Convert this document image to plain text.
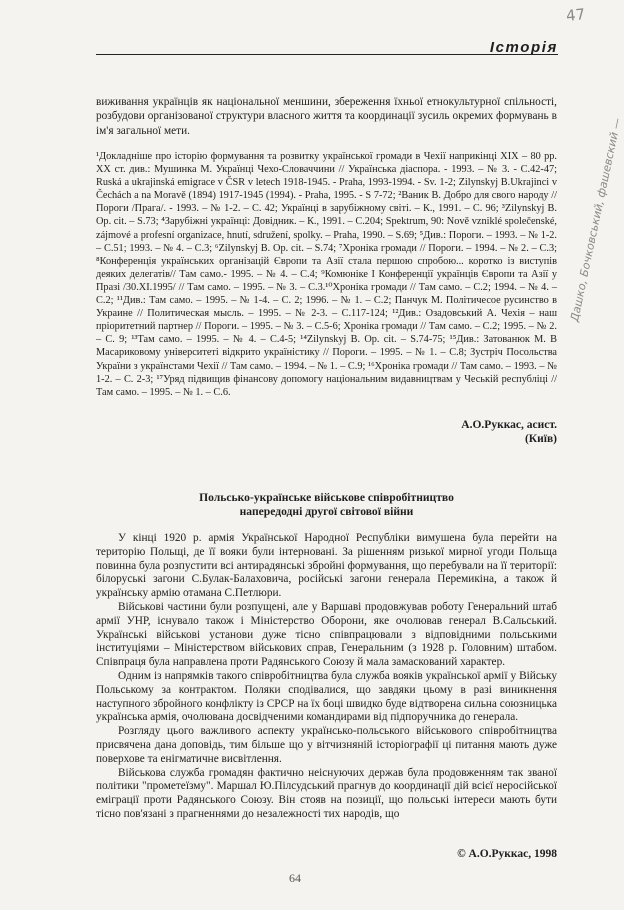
47
Історія

виживання українців як національної меншини, збереження їхньої етнокультурної спільності, розбудови організованої структури власного життя та координації зусиль окремих формувань в ім'я загальної мети.

¹Докладніше про історію формування та розвитку української громади в Чехії наприкінці XIX – 80 рр. XX ст. див.: Мушинка М. Українці Чехо-Словаччини // Українська діаспора. - 1993. – № 3. - С.42-47; Ruská a ukrajinská emigrace v ČSR v letech 1918-1945. - Praha, 1993-1994. - Sv. 1-2; Zilynskyj B.Ukrajinci v Čechách a na Moravě (1894) 1917-1945 (1994). - Praha, 1995. - S 7-72; ²Ваник В. Добро для свого народу // Пороги /Прага/. - 1993. – № 1-2. – С. 42; Українці в зарубіжному світі. – К., 1991. – С. 96; ³Zilynskyj B. Op. cit. – S.73; ⁴Зарубіжні українці: Довідник. – К., 1991. – С.204; Spektrum, 90: Nově vzniklé společenské, zájmové a profesní organizace, hnutí, sdružení, spolky. – Praha, 1990. – S.69; ⁵Див.: Пороги. – 1993. – № 1-2. – С.51; 1993. – № 4. – С.3; ⁶Zilynskyj B. Op. cit. – S.74; ⁷Хроніка громади // Пороги. – 1994. – № 2. – С.3; ⁸Конференція українських організацій Європи та Азії стала першою спробою... коротко із виступів деяких делегатів// Там само.- 1995. – № 4. – С.4; ⁹Комюніке I Конференції українців Європи та Азії у Празі /30.XI.1995/ // Там само. – 1995. – № 3. – С.3.¹⁰Хроніка громади // Там само. – С.2; 1994. – № 4. – С.2; ¹¹Див.: Там само. – 1995. – № 1-4. – С. 2; 1996. – № 1. – С.2; Панчук М. Політичесое русинство в Украине // Политическая мысль. – 1995. – № 2-3. – С.117-124; ¹²Див.: Озадовський А. Чехія – наш пріоритетний партнер // Пороги. – 1995. – № 3. – С.5-6; Хроніка громади // Там само. – С.2; 1995. – № 2. – С. 9; ¹³Там само. – 1995. – № 4. – С.4-5; ¹⁴Zilynskyj B. Op. cit. – S.74-75; ¹⁵Див.: Затованюк М. В Масариковому університеті відкрито україністику // Пороги. – 1995. – № 1. – С.8; Зустріч Посольства України з українстами Чехії // Там само. – 1994. – № 1. – С.9; ¹⁶Хроніка громади // Там само. – 1993. – № 1-2. – С. 2-3; ¹⁷Уряд підвищив фінансову допомогу національним видавництвам у Чеській республіці // Там само. – 1995. – № 1. – С.6.

А.О.Руккас, асист.
(Київ)
Польсько-українське військове співробітництво
напередодні другої світової війни

У кінці 1920 р. армія Української Народної Республіки вимушена була перейти на територію Польщі, де її вояки були інтерновані. За рішенням ризької мирної угоди Польща повинна була розпустити всі антирадянські збройні формування, що перебували на її території: білоруські загони С.Булак-Балаховича, російські загони генерала Перемикіна, а також й українську армію отамана С.Петлюри.

Військові частини були розпущені, але у Варшаві продовжував роботу Генеральний штаб армії УНР, існувало також і Міністерство Оборони, яке очолював генерал В.Сальський. Українські військові установи дуже тісно співпрацювали з відповідними польськими інституціями – Міністерством військових справ, Генеральним (з 1928 р. Головним) штабом. Співпраця була направлена проти Радянського Союзу й мала замаскований характер.

Одним із напрямків такого співробітництва була служба вояків української армії у Війську Польському за контрактом. Поляки сподівалися, що завдяки цьому в разі виникнення наступного збройного конфлікту із СРСР на їх боці швидко буде відтворена сильна союзницька українська армія, очолювана досвідченими командирами від підпоручника до генерала.

Розгляду цього важливого аспекту українсько-польського військового співробітництва присвячена дана доповідь, тим більше що у вітчизняній історіографії ці питання мають дуже поверхове та енігматичне висвітлення.

Військова служба громадян фактично неіснуючих держав була продовженням так званої політики "прометеїзму". Маршал Ю.Пілсудський прагнув до координації дій всієї неросійської еміграції проти Радянського Союзу. Він стояв на позиції, що польські інтереси мають бути тісно пов'язані з прагненнями до незалежності тих народів, що

© А.О.Руккас, 1998
64
Дашко, Бочковський, фашевский —
